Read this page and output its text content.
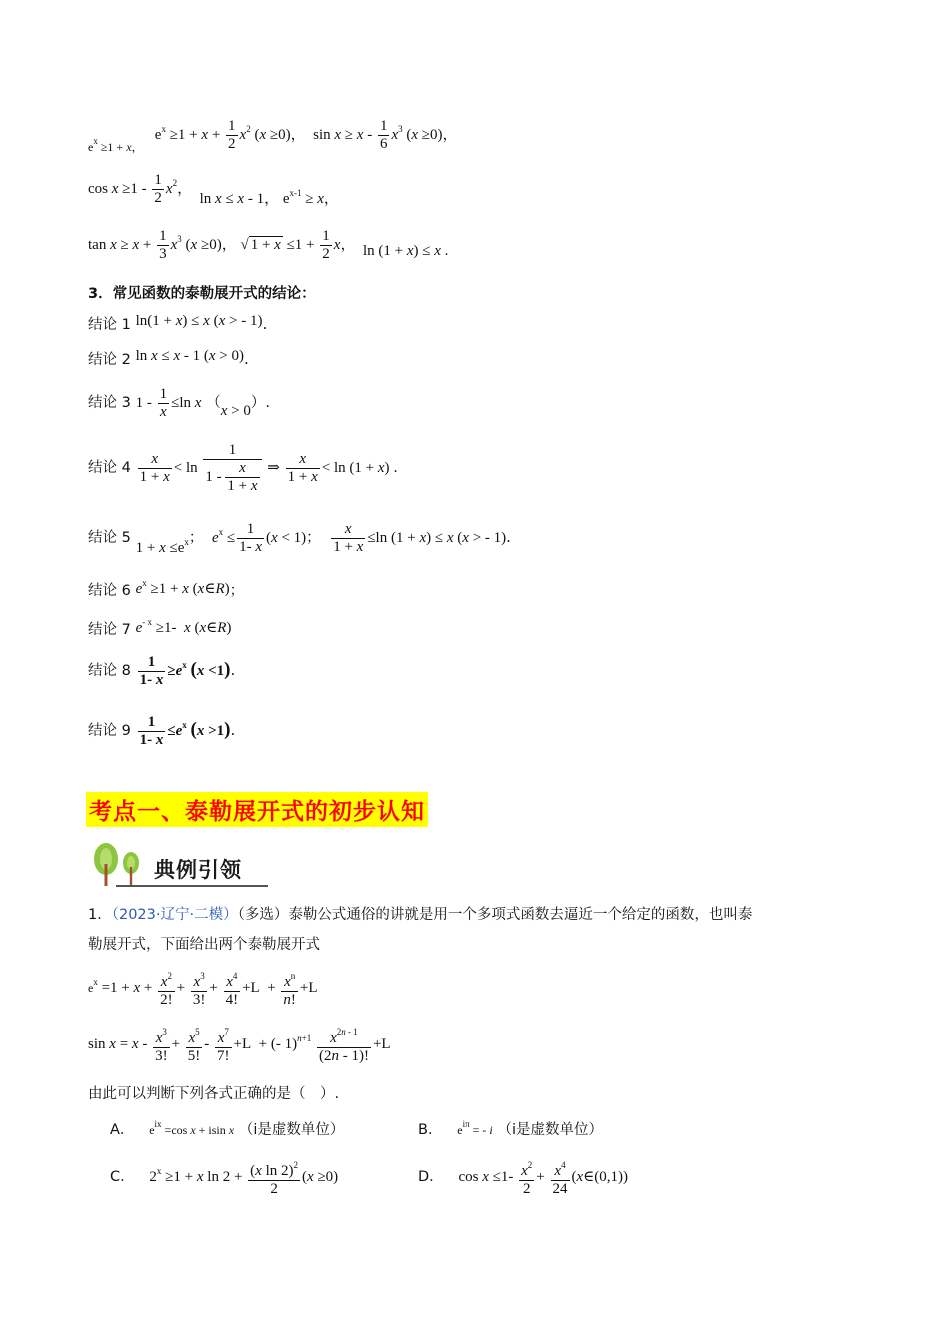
$_{e^x \ge 1 + x,}$   $e^x \ge 1 + x + \frac{1}{2} x^2$ (x ≥0)，  $\sin x \ge x - \frac{1}{6} x^3$ (x ≥0)，
$\cos x \ge 1 - \frac{1}{2} x^2$，  ln x ≤ x - 1， $e^{x-1} \ge x$，
$\tan x \ge x + \frac{1}{3} x^3$ (x ≥0)， √ $1 + x \le 1 + \frac{1}{2}$ x，  ln (1 + x) ≤ x .
3．常见函数的泰勒展开式的结论：
结论 1 ln(1 + x) ≤ x (x > - 1).
结论 2 ln x ≤ x - 1 (x > 0).
结论 3 $1 - \frac{1}{x} \le\ln$ x （x > 0）.
结论 $4 \frac{x}{1 + x} < \ln \frac{1}{1 - \frac{x}{1 + x}}$ ⇒ $\frac{x}{1 + x} < \ln (1 + x)$ .
结论 5 $1 + x \le e^x$； $e^x \le \frac{1}{1- x} (x < 1)$； $\frac{x}{1 + x} \le\ln$ (1 + x) ≤ x (x > - 1).
结论 6 $e^x \ge 1 + x$ (x∈R)；
结论 7 $e^{- x} \ge 1-$  x (x∈R)
结论 $8 \frac{1}{1- x} \ge e^x$ (x <1).
结论 $9 \frac{1}{1- x} \le e^x$ (x >1).
考点一、泰勒展开式的初步认知
典例引领
1．（2023·辽宁·二模）（多选）泰勒公式通俗的讲就是用一个多项式函数去逼近一个给定的函数，也叫泰
勒展开式，下面给出两个泰勒展开式
$e^x =1 + x + \frac{x^2}{2!} + \frac{x^3}{3!} + \frac{x^4}{4!} +L + \frac{x^n}{n!} +L$
$\sin x = x - \frac{x^3}{3!} + \frac{x^5}{5!} - \frac{x^7}{7!} +L$  + (- $1)^{n+1} \frac{x^{2n - 1}}{(2n - 1)!} +L$
由此可以判断下列各式正确的是（　）.
A． $e^{ix} =\cos$ x + isin x （i是虚数单位）	B． $e^{i\pi}$ = - i （i是虚数单位）
C． $2^x \ge 1 + x$ $\ln 2 + \frac{(x \ln 2)^2}{2} (x \ge 0)$	D． $\cos x \le 1- \frac{x^2}{2} + \frac{x^4}{24}$ (x∈(0,1))
